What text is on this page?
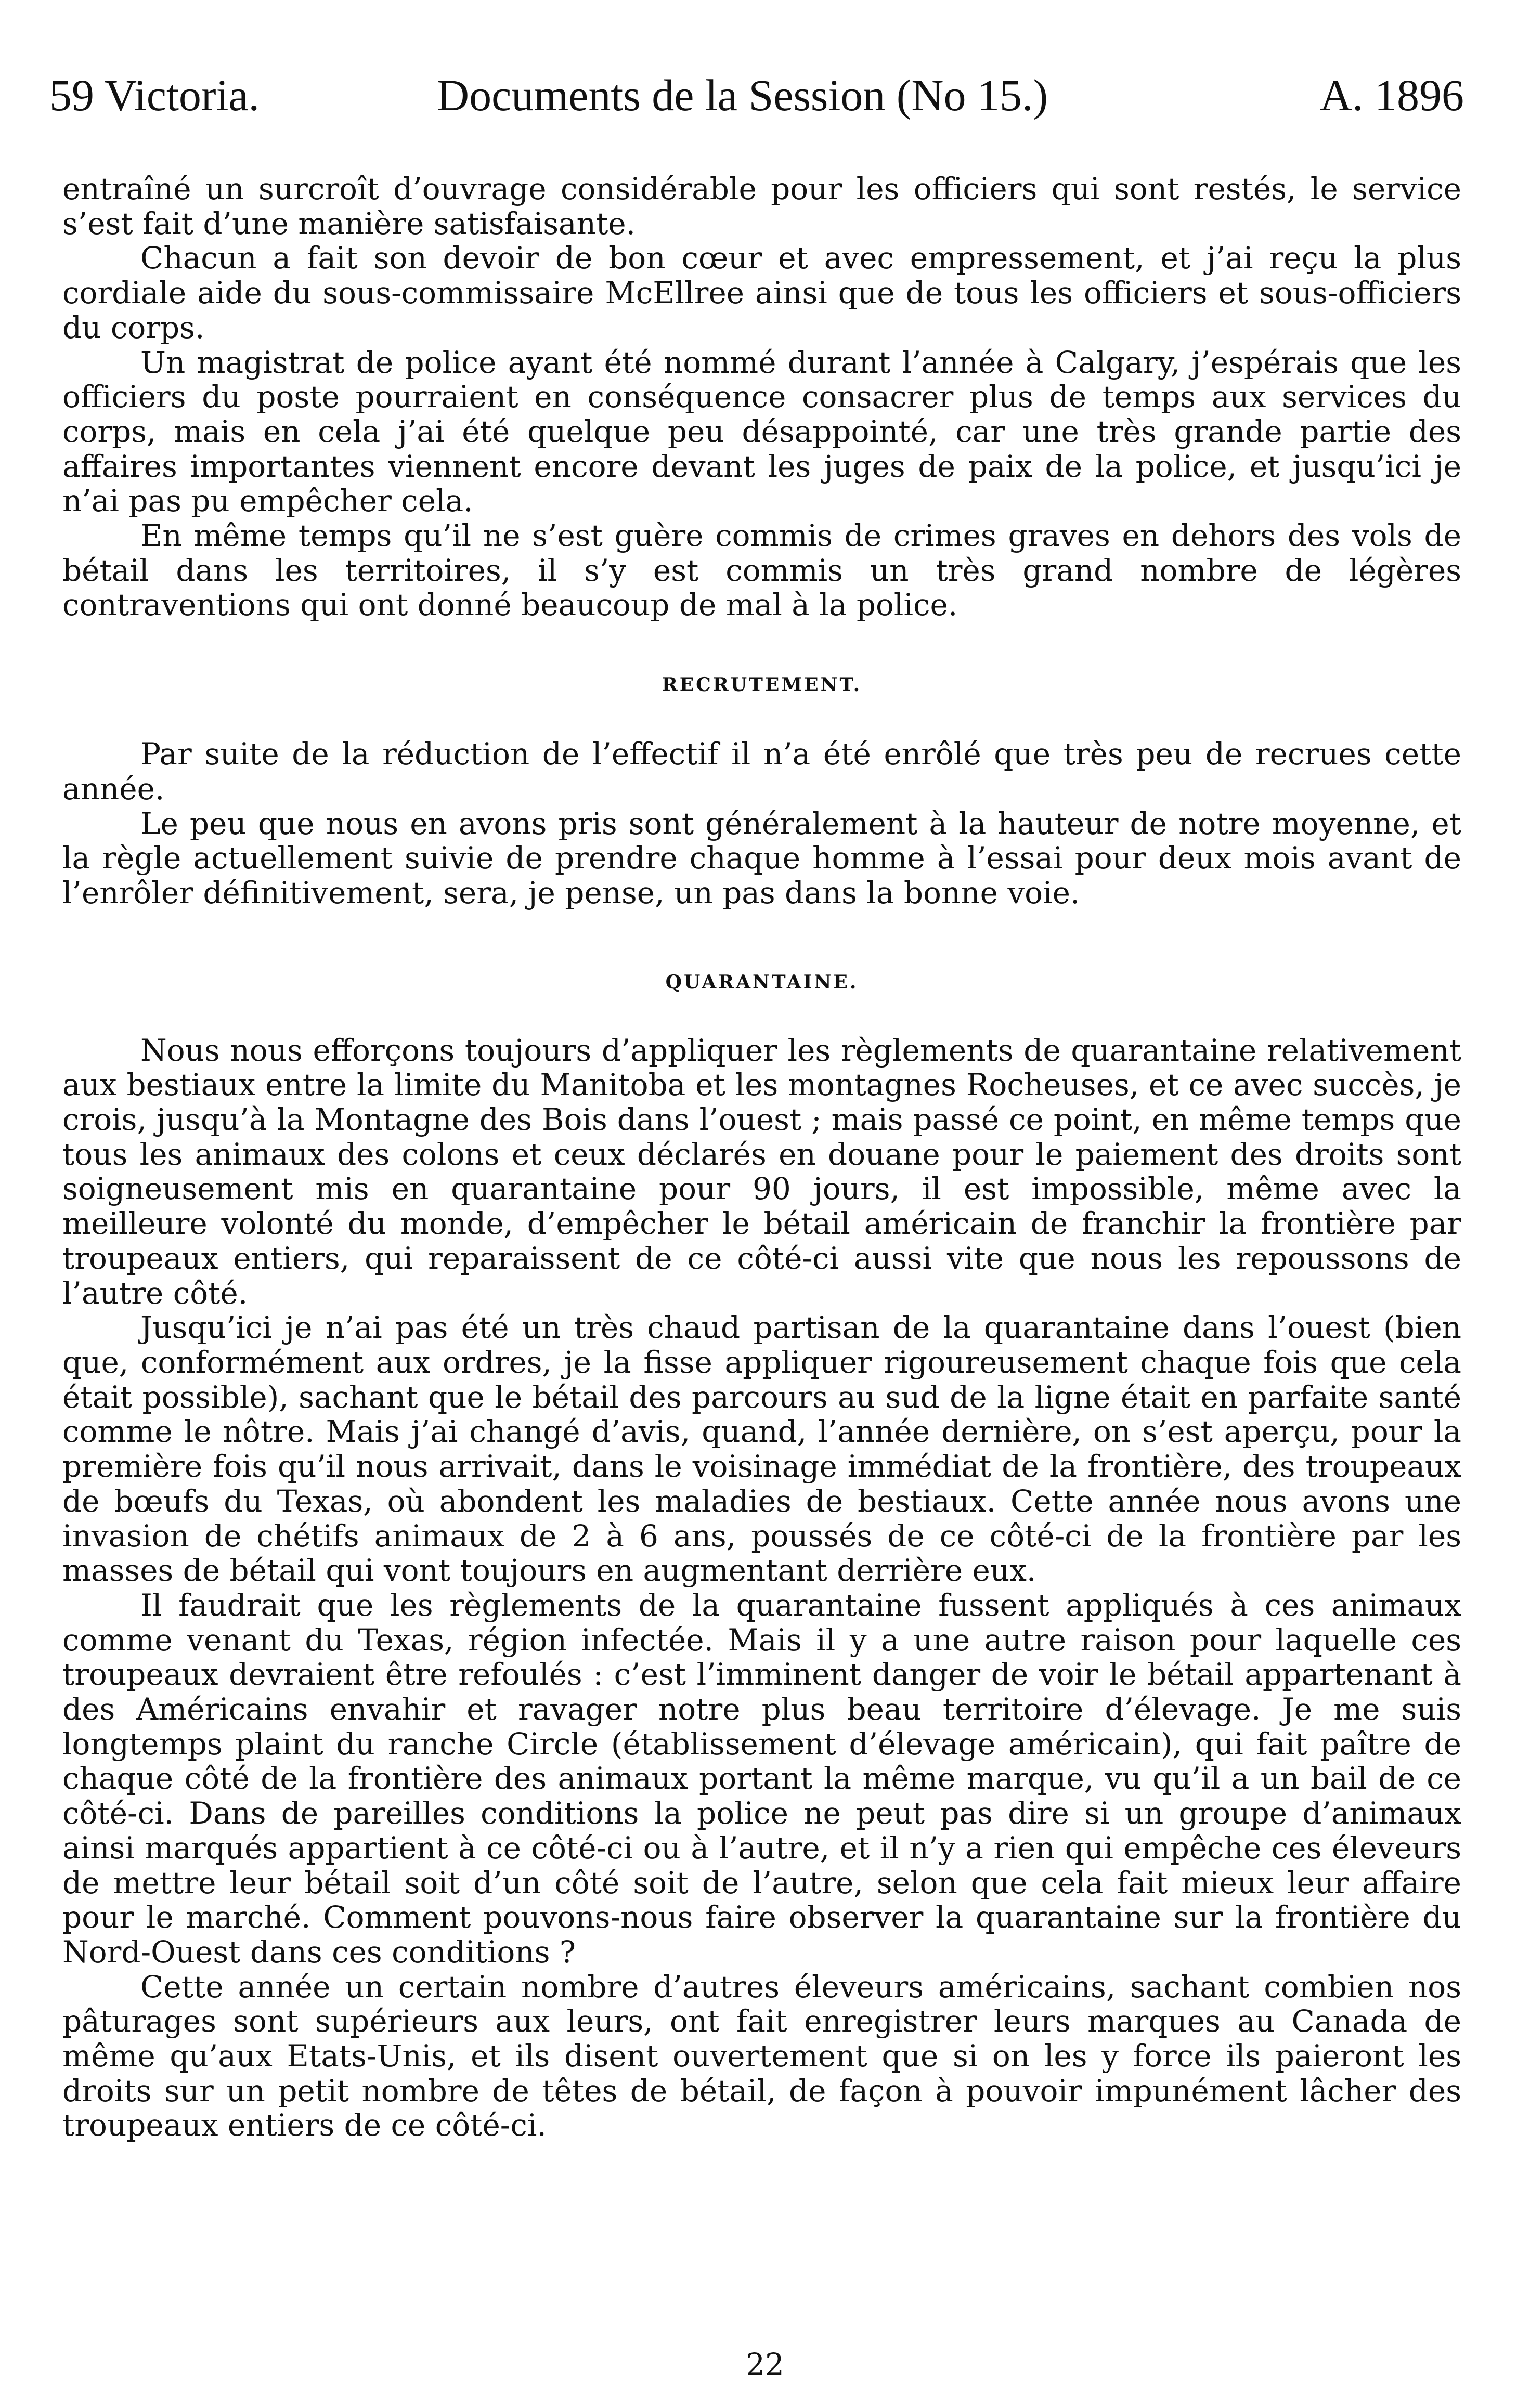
59 Victoria.	Documents de la Session (No 15.)	A. 1896

entraîné un surcroît d’ouvrage considérable pour les officiers qui sont restés, le service s’est fait d’une manière satisfaisante.

Chacun a fait son devoir de bon cœur et avec empressement, et j’ai reçu la plus cordiale aide du sous-commissaire McEllree ainsi que de tous les officiers et sous-officiers du corps.

Un magistrat de police ayant été nommé durant l’année à Calgary, j’espérais que les officiers du poste pourraient en conséquence consacrer plus de temps aux services du corps, mais en cela j’ai été quelque peu désappointé, car une très grande partie des affaires importantes viennent encore devant les juges de paix de la police, et jusqu’ici je n’ai pas pu empêcher cela.

En même temps qu’il ne s’est guère commis de crimes graves en dehors des vols de bétail dans les territoires, il s’y est commis un très grand nombre de légères contraventions qui ont donné beaucoup de mal à la police.

RECRUTEMENT.

Par suite de la réduction de l’effectif il n’a été enrôlé que très peu de recrues cette année.

Le peu que nous en avons pris sont généralement à la hauteur de notre moyenne, et la règle actuellement suivie de prendre chaque homme à l’essai pour deux mois avant de l’enrôler définitivement, sera, je pense, un pas dans la bonne voie.

QUARANTAINE.

Nous nous efforçons toujours d’appliquer les règlements de quarantaine relativement aux bestiaux entre la limite du Manitoba et les montagnes Rocheuses, et ce avec succès, je crois, jusqu’à la Montagne des Bois dans l’ouest ; mais passé ce point, en même temps que tous les animaux des colons et ceux déclarés en douane pour le paiement des droits sont soigneusement mis en quarantaine pour 90 jours, il est impossible, même avec la meilleure volonté du monde, d’empêcher le bétail américain de franchir la frontière par troupeaux entiers, qui reparaissent de ce côté-ci aussi vite que nous les repoussons de l’autre côté.

Jusqu’ici je n’ai pas été un très chaud partisan de la quarantaine dans l’ouest (bien que, conformément aux ordres, je la fisse appliquer rigoureusement chaque fois que cela était possible), sachant que le bétail des parcours au sud de la ligne était en parfaite santé comme le nôtre. Mais j’ai changé d’avis, quand, l’année dernière, on s’est aperçu, pour la première fois qu’il nous arrivait, dans le voisinage immédiat de la frontière, des troupeaux de bœufs du Texas, où abondent les maladies de bestiaux. Cette année nous avons une invasion de chétifs animaux de 2 à 6 ans, poussés de ce côté-ci de la frontière par les masses de bétail qui vont toujours en augmentant derrière eux.

Il faudrait que les règlements de la quarantaine fussent appliqués à ces animaux comme venant du Texas, région infectée. Mais il y a une autre raison pour laquelle ces troupeaux devraient être refoulés : c’est l’imminent danger de voir le bétail appartenant à des Américains envahir et ravager notre plus beau territoire d’élevage. Je me suis longtemps plaint du ranche Circle (établissement d’élevage américain), qui fait paître de chaque côté de la frontière des animaux portant la même marque, vu qu’il a un bail de ce côté-ci. Dans de pareilles conditions la police ne peut pas dire si un groupe d’animaux ainsi marqués appartient à ce côté-ci ou à l’autre, et il n’y a rien qui empêche ces éleveurs de mettre leur bétail soit d’un côté soit de l’autre, selon que cela fait mieux leur affaire pour le marché. Comment pouvons-nous faire observer la quarantaine sur la frontière du Nord-Ouest dans ces conditions ?

Cette année un certain nombre d’autres éleveurs américains, sachant combien nos pâturages sont supérieurs aux leurs, ont fait enregistrer leurs marques au Canada de même qu’aux Etats-Unis, et ils disent ouvertement que si on les y force ils paieront les droits sur un petit nombre de têtes de bétail, de façon à pouvoir impunément lâcher des troupeaux entiers de ce côté-ci.

22
